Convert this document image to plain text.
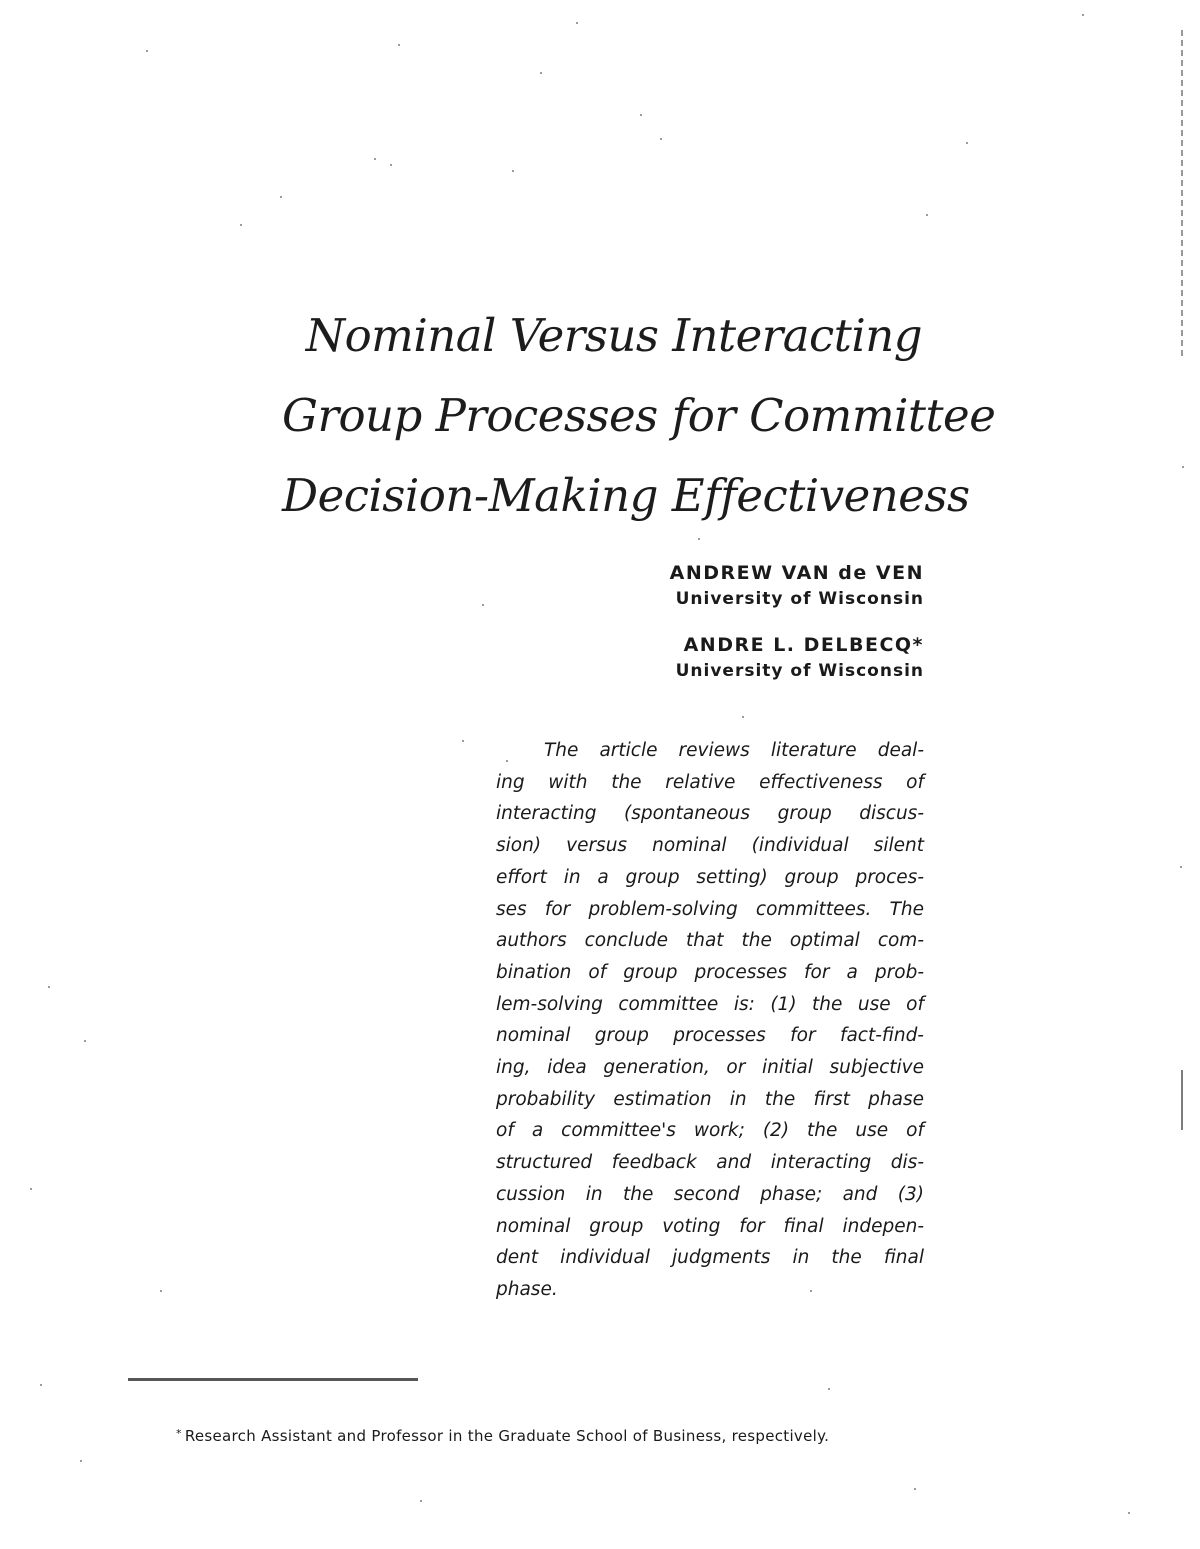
Nominal Versus Interacting
Group Processes for Committee
Decision-Making Effectiveness
ANDREW VAN de VEN
University of Wisconsin
ANDRE L. DELBECQ*
University of Wisconsin
The article reviews literature deal-
ing with the relative effectiveness of
interacting (spontaneous group discus-
sion) versus nominal (individual silent
effort in a group setting) group proces-
ses for problem-solving committees. The
authors conclude that the optimal com-
bination of group processes for a prob-
lem-solving committee is: (1) the use of
nominal group processes for fact-find-
ing, idea generation, or initial subjective
probability estimation in the first phase
of a committee's work; (2) the use of
structured feedback and interacting dis-
cussion in the second phase; and (3)
nominal group voting for final indepen-
dent individual judgments in the final
phase.
* Research Assistant and Professor in the Graduate School of Business, respectively.
